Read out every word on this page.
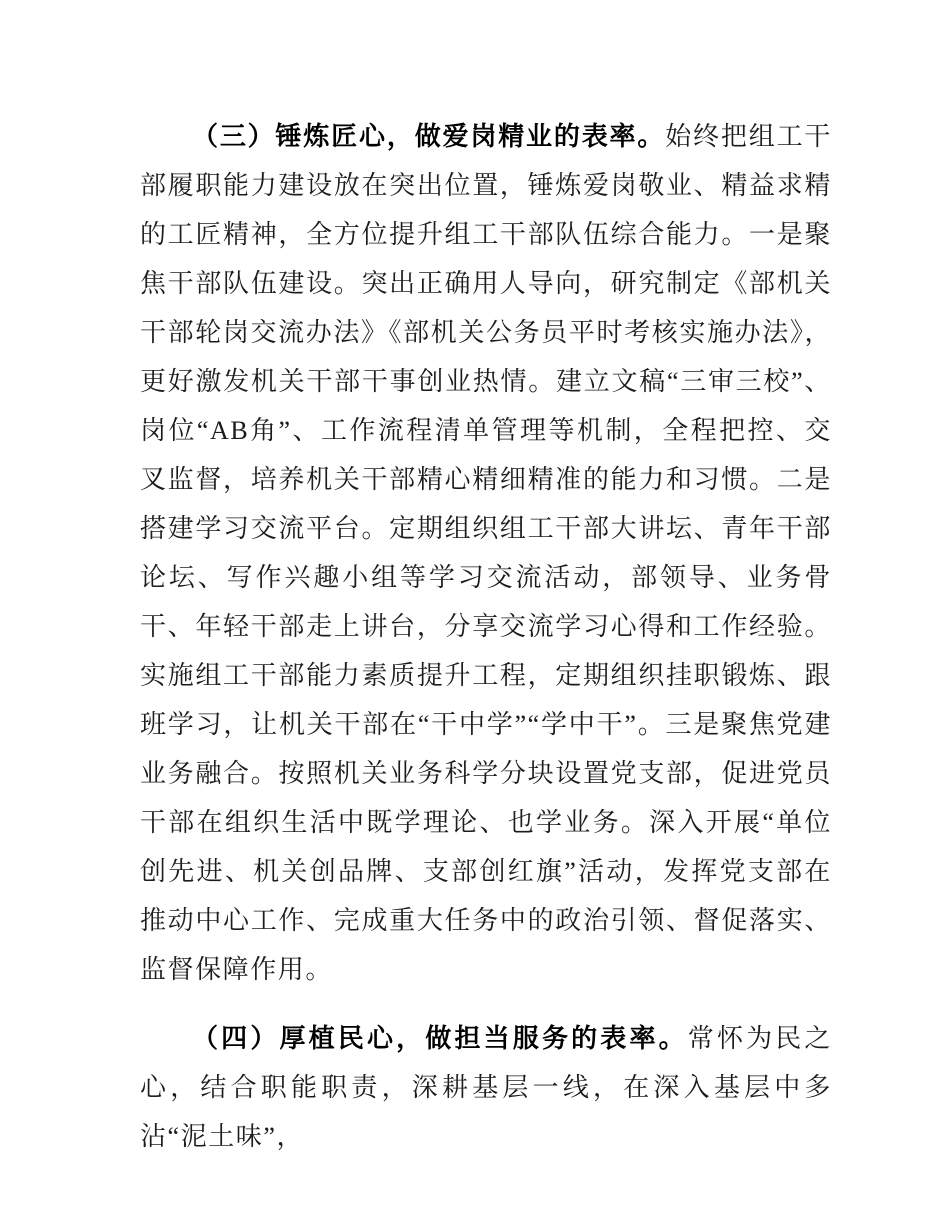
（三）锤炼匠心，做爱岗精业的表率。始终把组工干部履职能力建设放在突出位置，锤炼爱岗敬业、精益求精的工匠精神，全方位提升组工干部队伍综合能力。一是聚焦干部队伍建设。突出正确用人导向，研究制定《部机关干部轮岗交流办法》《部机关公务员平时考核实施办法》，更好激发机关干部干事创业热情。建立文稿“三审三校”、岗位“AB角”、工作流程清单管理等机制，全程把控、交叉监督，培养机关干部精心精细精准的能力和习惯。二是搭建学习交流平台。定期组织组工干部大讲坛、青年干部论坛、写作兴趣小组等学习交流活动，部领导、业务骨干、年轻干部走上讲台，分享交流学习心得和工作经验。实施组工干部能力素质提升工程，定期组织挂职锻炼、跟班学习，让机关干部在“干中学”“学中干”。三是聚焦党建业务融合。按照机关业务科学分块设置党支部，促进党员干部在组织生活中既学理论、也学业务。深入开展“单位创先进、机关创品牌、支部创红旗”活动，发挥党支部在推动中心工作、完成重大任务中的政治引领、督促落实、监督保障作用。

（四）厚植民心，做担当服务的表率。常怀为民之心，结合职能职责，深耕基层一线，在深入基层中多沾“泥土味”，
